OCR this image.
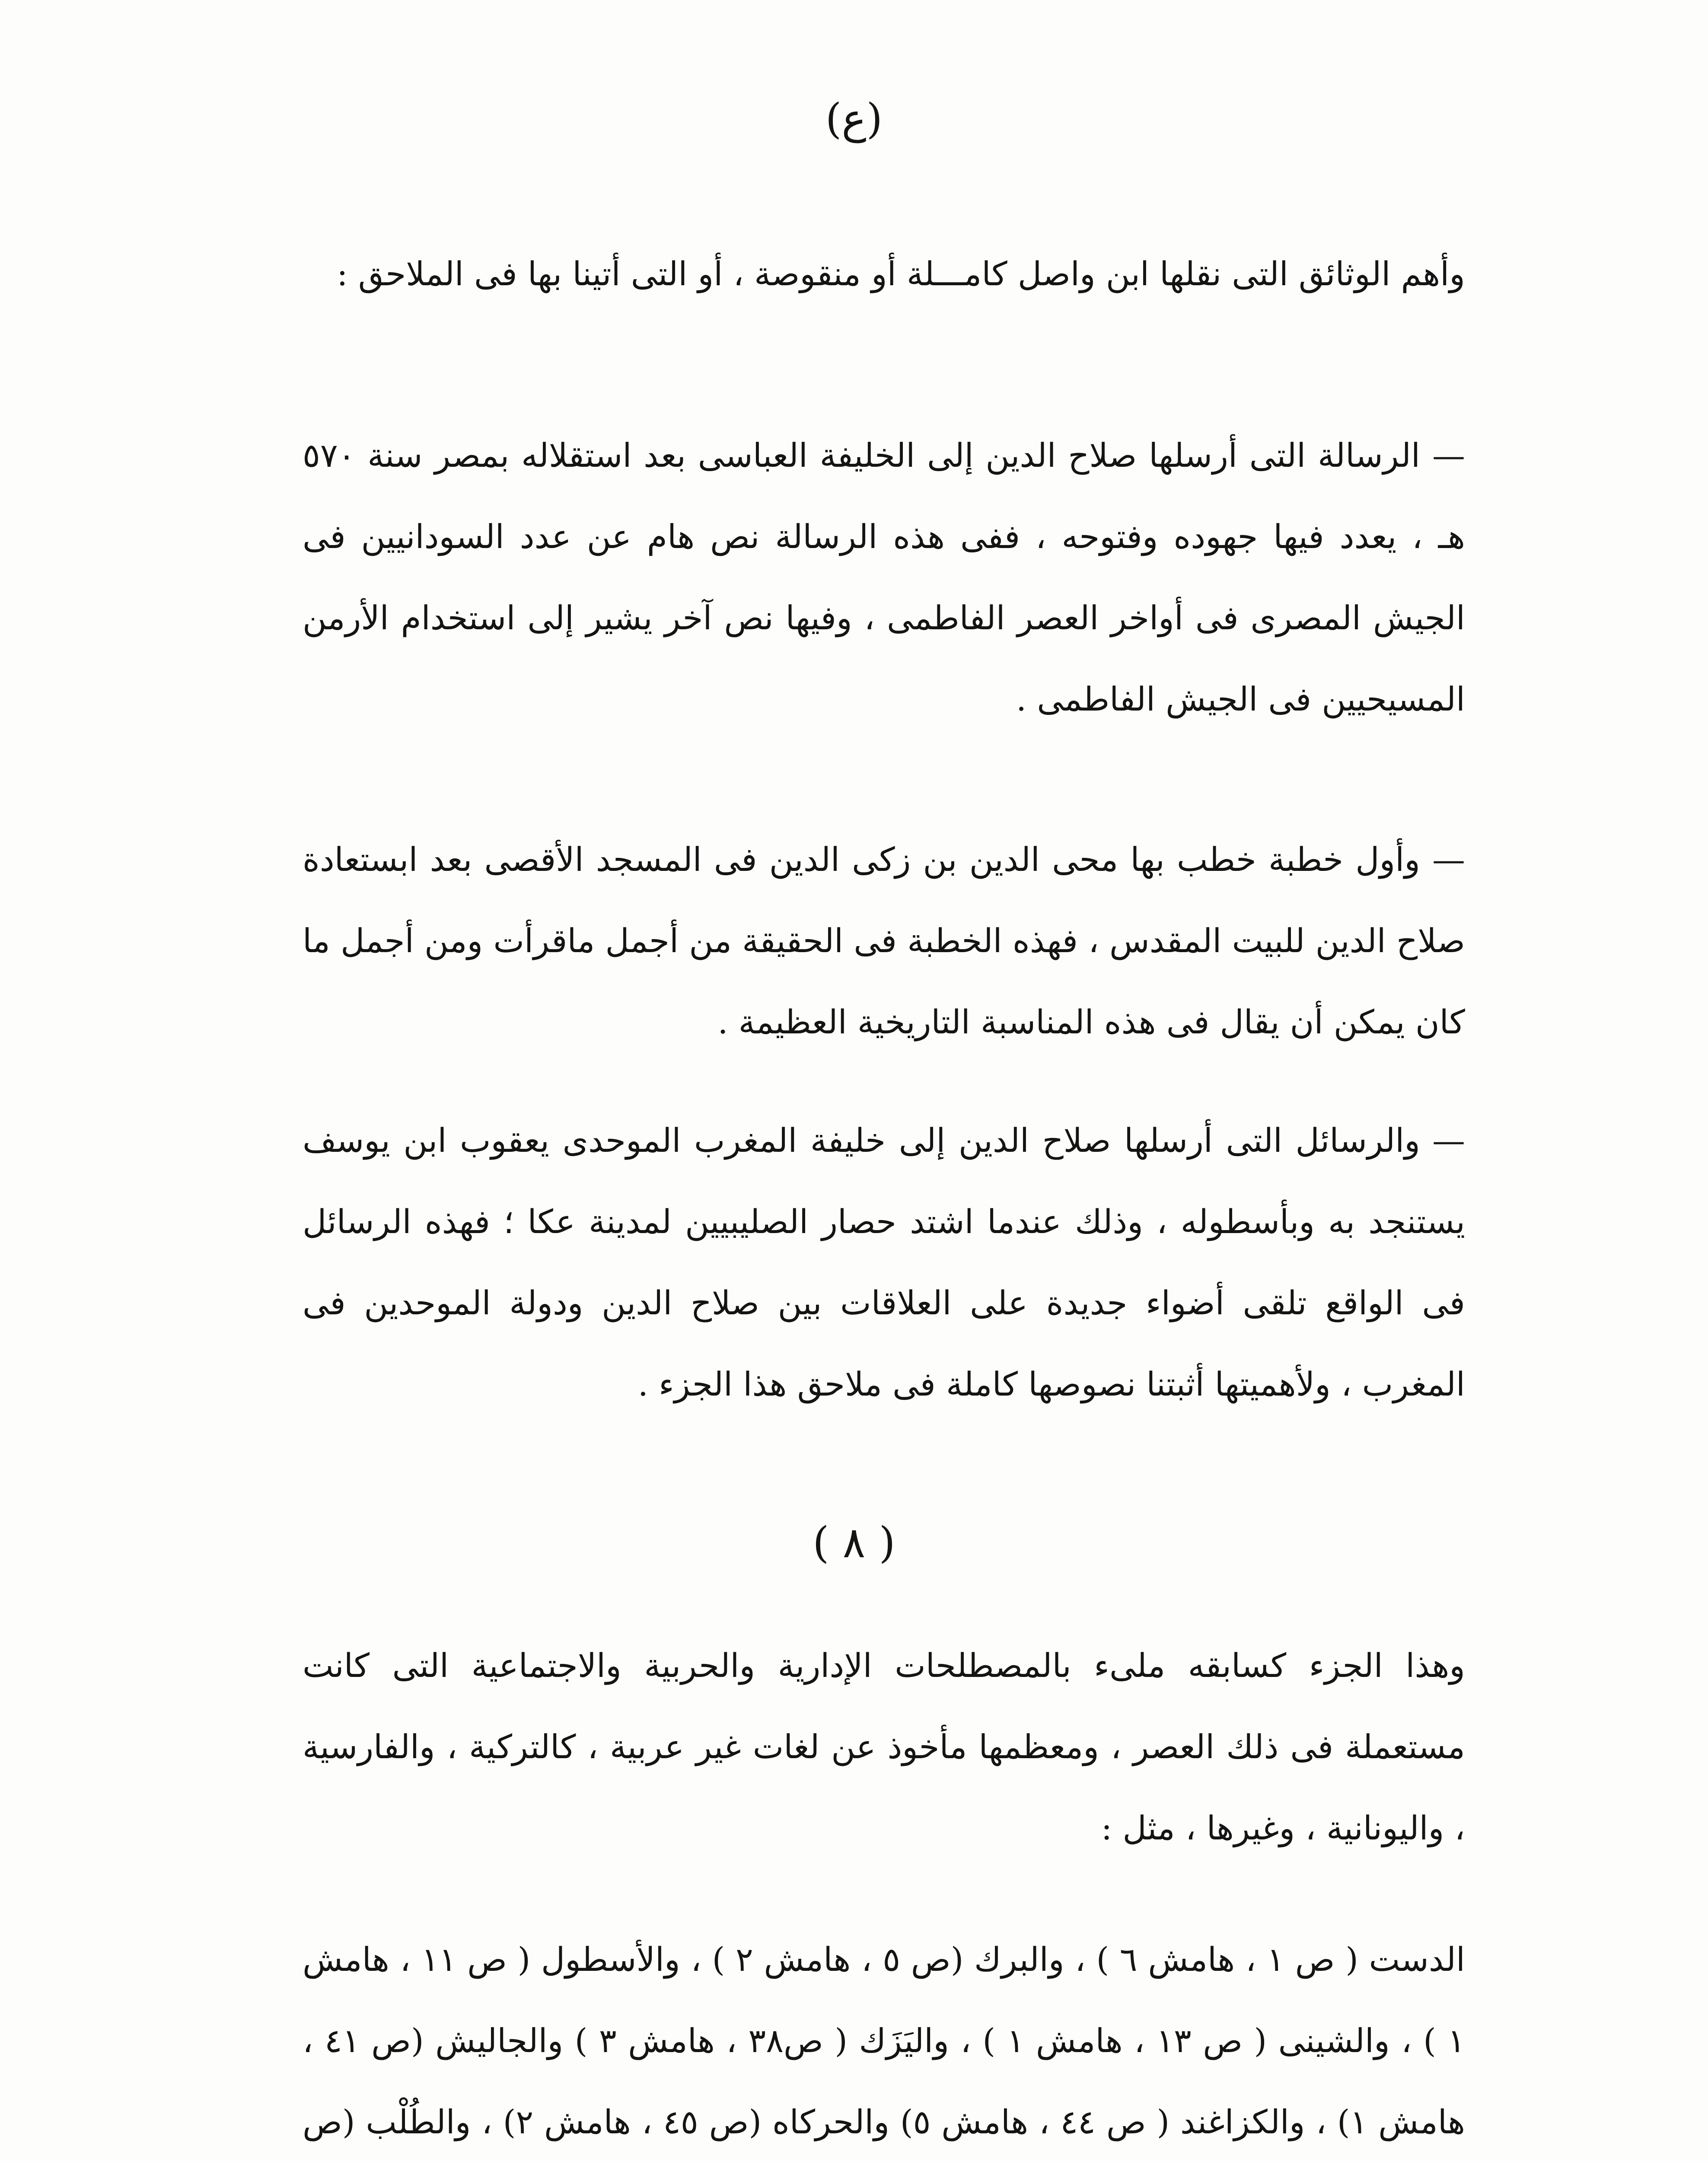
(ع)

وأهم الوثائق التى نقلها ابن واصل كامـــلة أو منقوصة ، أو التى أتينا بها فى الملاحق :

—الرسالة التى أرسلها صلاح الدين إلى الخليفة العباسى بعد استقلاله بمصر سنة ٥٧٠ هـ ، يعدد فيها جهوده وفتوحه ، ففى هذه الرسالة نص هام عن عدد السودانيين فى الجيش المصرى فى أواخر العصر الفاطمى ، وفيها نص آخر يشير إلى استخدام الأرمن المسيحيين فى الجيش الفاطمى .

—وأول خطبة خطب بها محى الدين بن زكى الدين فى المسجد الأقصى بعد ابستعادة صلاح الدين للبيت المقدس ، فهذه الخطبة فى الحقيقة من أجمل ماقرأت ومن أجمل ما كان يمكن أن يقال فى هذه المناسبة التاريخية العظيمة .

—والرسائل التى أرسلها صلاح الدين إلى خليفة المغرب الموحدى يعقوب ابن يوسف يستنجد به وبأسطوله ، وذلك عندما اشتد حصار الصليبيين لمدينة عكا ؛ فهذه الرسائل فى الواقع تلقى أضواء جديدة على العلاقات بين صلاح الدين ودولة الموحدين فى المغرب ، ولأهميتها أثبتنا نصوصها كاملة فى ملاحق هذا الجزء .

( ٨ )

وهذا الجزء كسابقه ملىء بالمصطلحات الإدارية والحربية والاجتماعية التى كانت مستعملة فى ذلك العصر ، ومعظمها مأخوذ عن لغات غير عربية ، كالتركية ، والفارسية ، واليونانية ، وغيرها ، مثل :

الدست ( ص ١ ، هامش ٦ ) ، والبرك (ص ٥ ، هامش ٢ ) ، والأسطول ( ص ١١ ، هامش ١ ) ، والشينى ( ص ١٣ ، هامش ١ ) ، واليَزَك ( ص٣٨ ، هامش ٣ ) والجاليش (ص ٤١ ، هامش ١) ، والكزاغند ( ص ٤٤ ، هامش ٥) والحركاه (ص ٤٥ ، هامش ٢) ، والطُلْب (ص
